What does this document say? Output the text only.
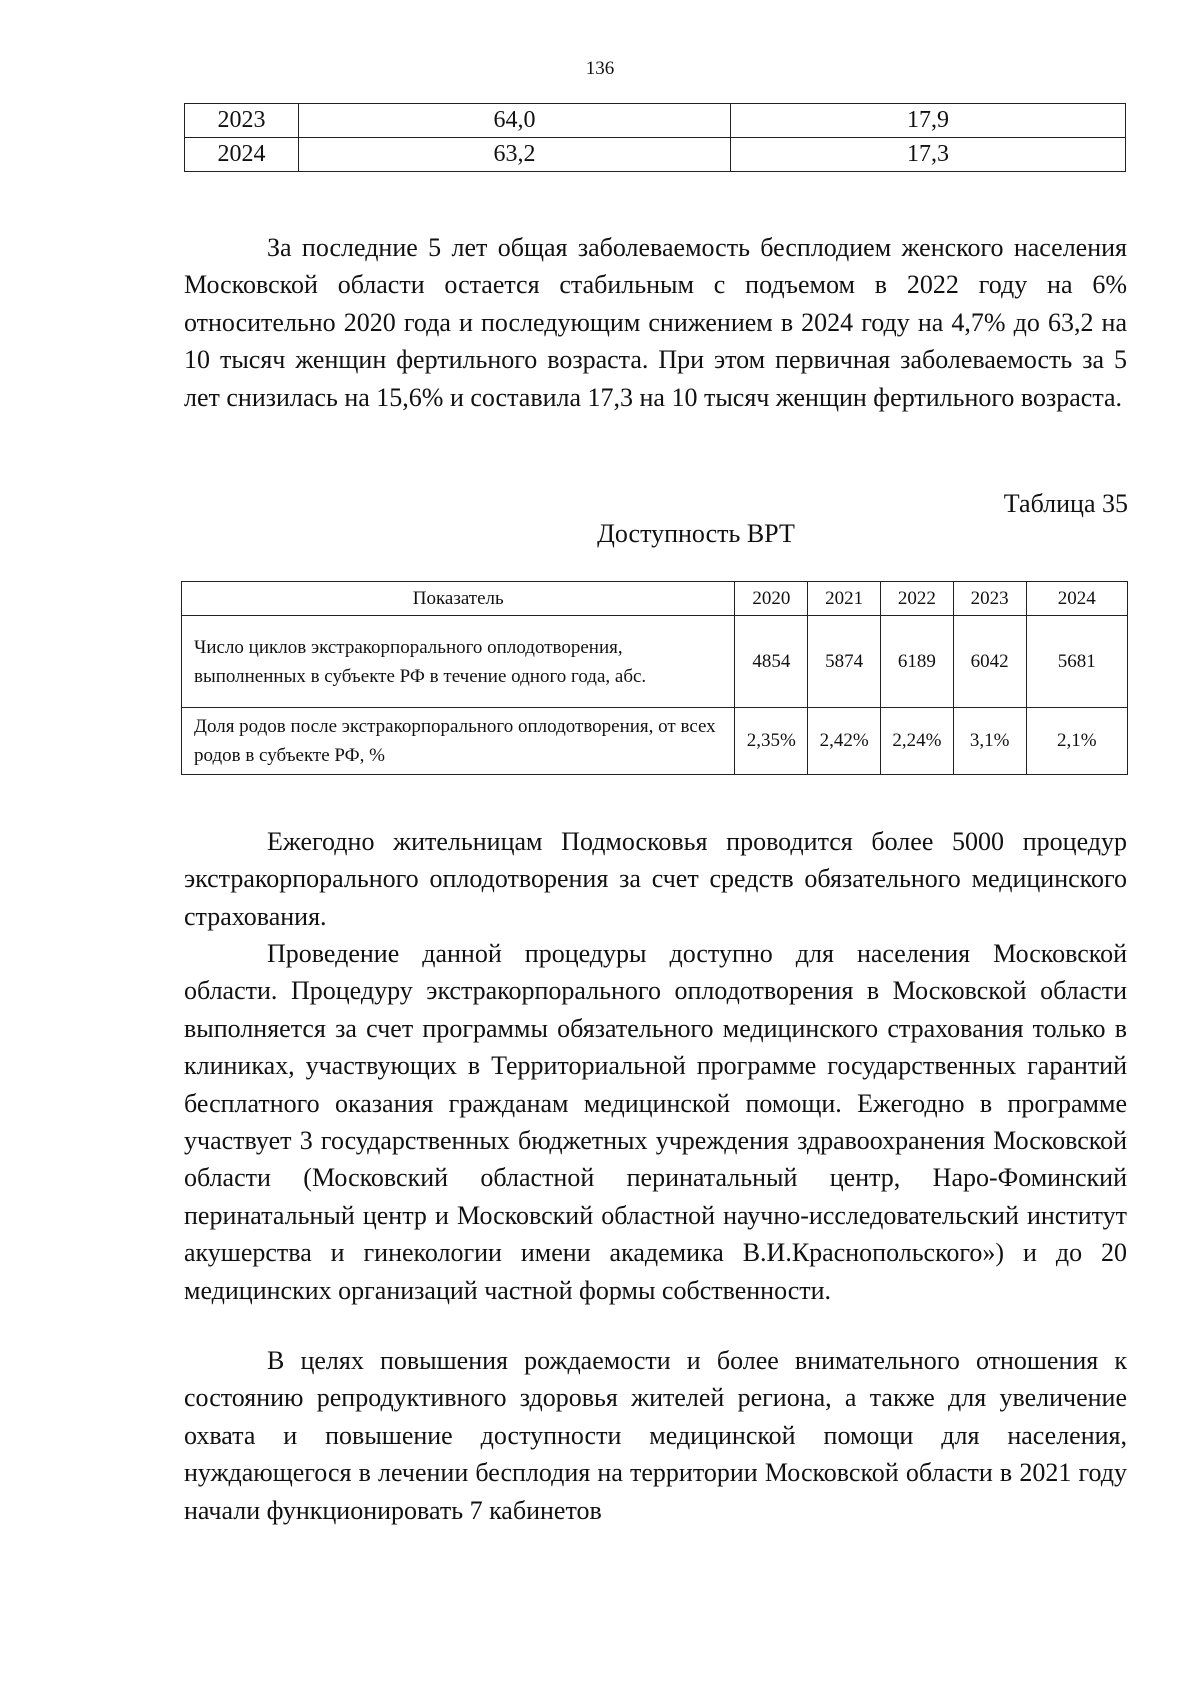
136
2023	64,0	17,9
2024	63,2	17,3

За последние 5 лет общая заболеваемость бесплодием женского населения Московской области остается стабильным с подъемом в 2022 году на 6% относительно 2020 года и последующим снижением в 2024 году на 4,7% до 63,2 на 10 тысяч женщин фертильного возраста. При этом первичная заболеваемость за 5 лет снизилась на 15,6% и составила 17,3 на 10 тысяч женщин фертильного возраста.

Таблица 35
Доступность ВРТ
Показатель	2020	2021	2022	2023	2024
Число циклов экстракорпорального оплодотворения, выполненных в субъекте РФ в течение одного года, абс.	4854	5874	6189	6042	5681
Доля родов после экстракорпорального оплодотворения, от всех родов в субъекте РФ, %	2,35%	2,42%	2,24%	3,1%	2,1%

Ежегодно жительницам Подмосковья проводится более 5000 процедур экстракорпорального оплодотворения за счет средств обязательного медицинского страхования.

Проведение данной процедуры доступно для населения Московской области. Процедуру экстракорпорального оплодотворения в Московской области выполняется за счет программы обязательного медицинского страхования только в клиниках, участвующих в Территориальной программе государственных гарантий бесплатного оказания гражданам медицинской помощи. Ежегодно в программе участвует 3 государственных бюджетных учреждения здравоохранения Московской области (Московский областной перинатальный центр, Наро-Фоминский перинатальный центр и Московский областной научно-исследовательский институт акушерства и гинекологии имени академика В.И.Краснопольского») и до 20 медицинских организаций частной формы собственности.

В целях повышения рождаемости и более внимательного отношения к состоянию репродуктивного здоровья жителей региона, а также для увеличение охвата и повышение доступности медицинской помощи для населения, нуждающегося в лечении бесплодия на территории Московской области в 2021 году начали функционировать 7 кабинетов
